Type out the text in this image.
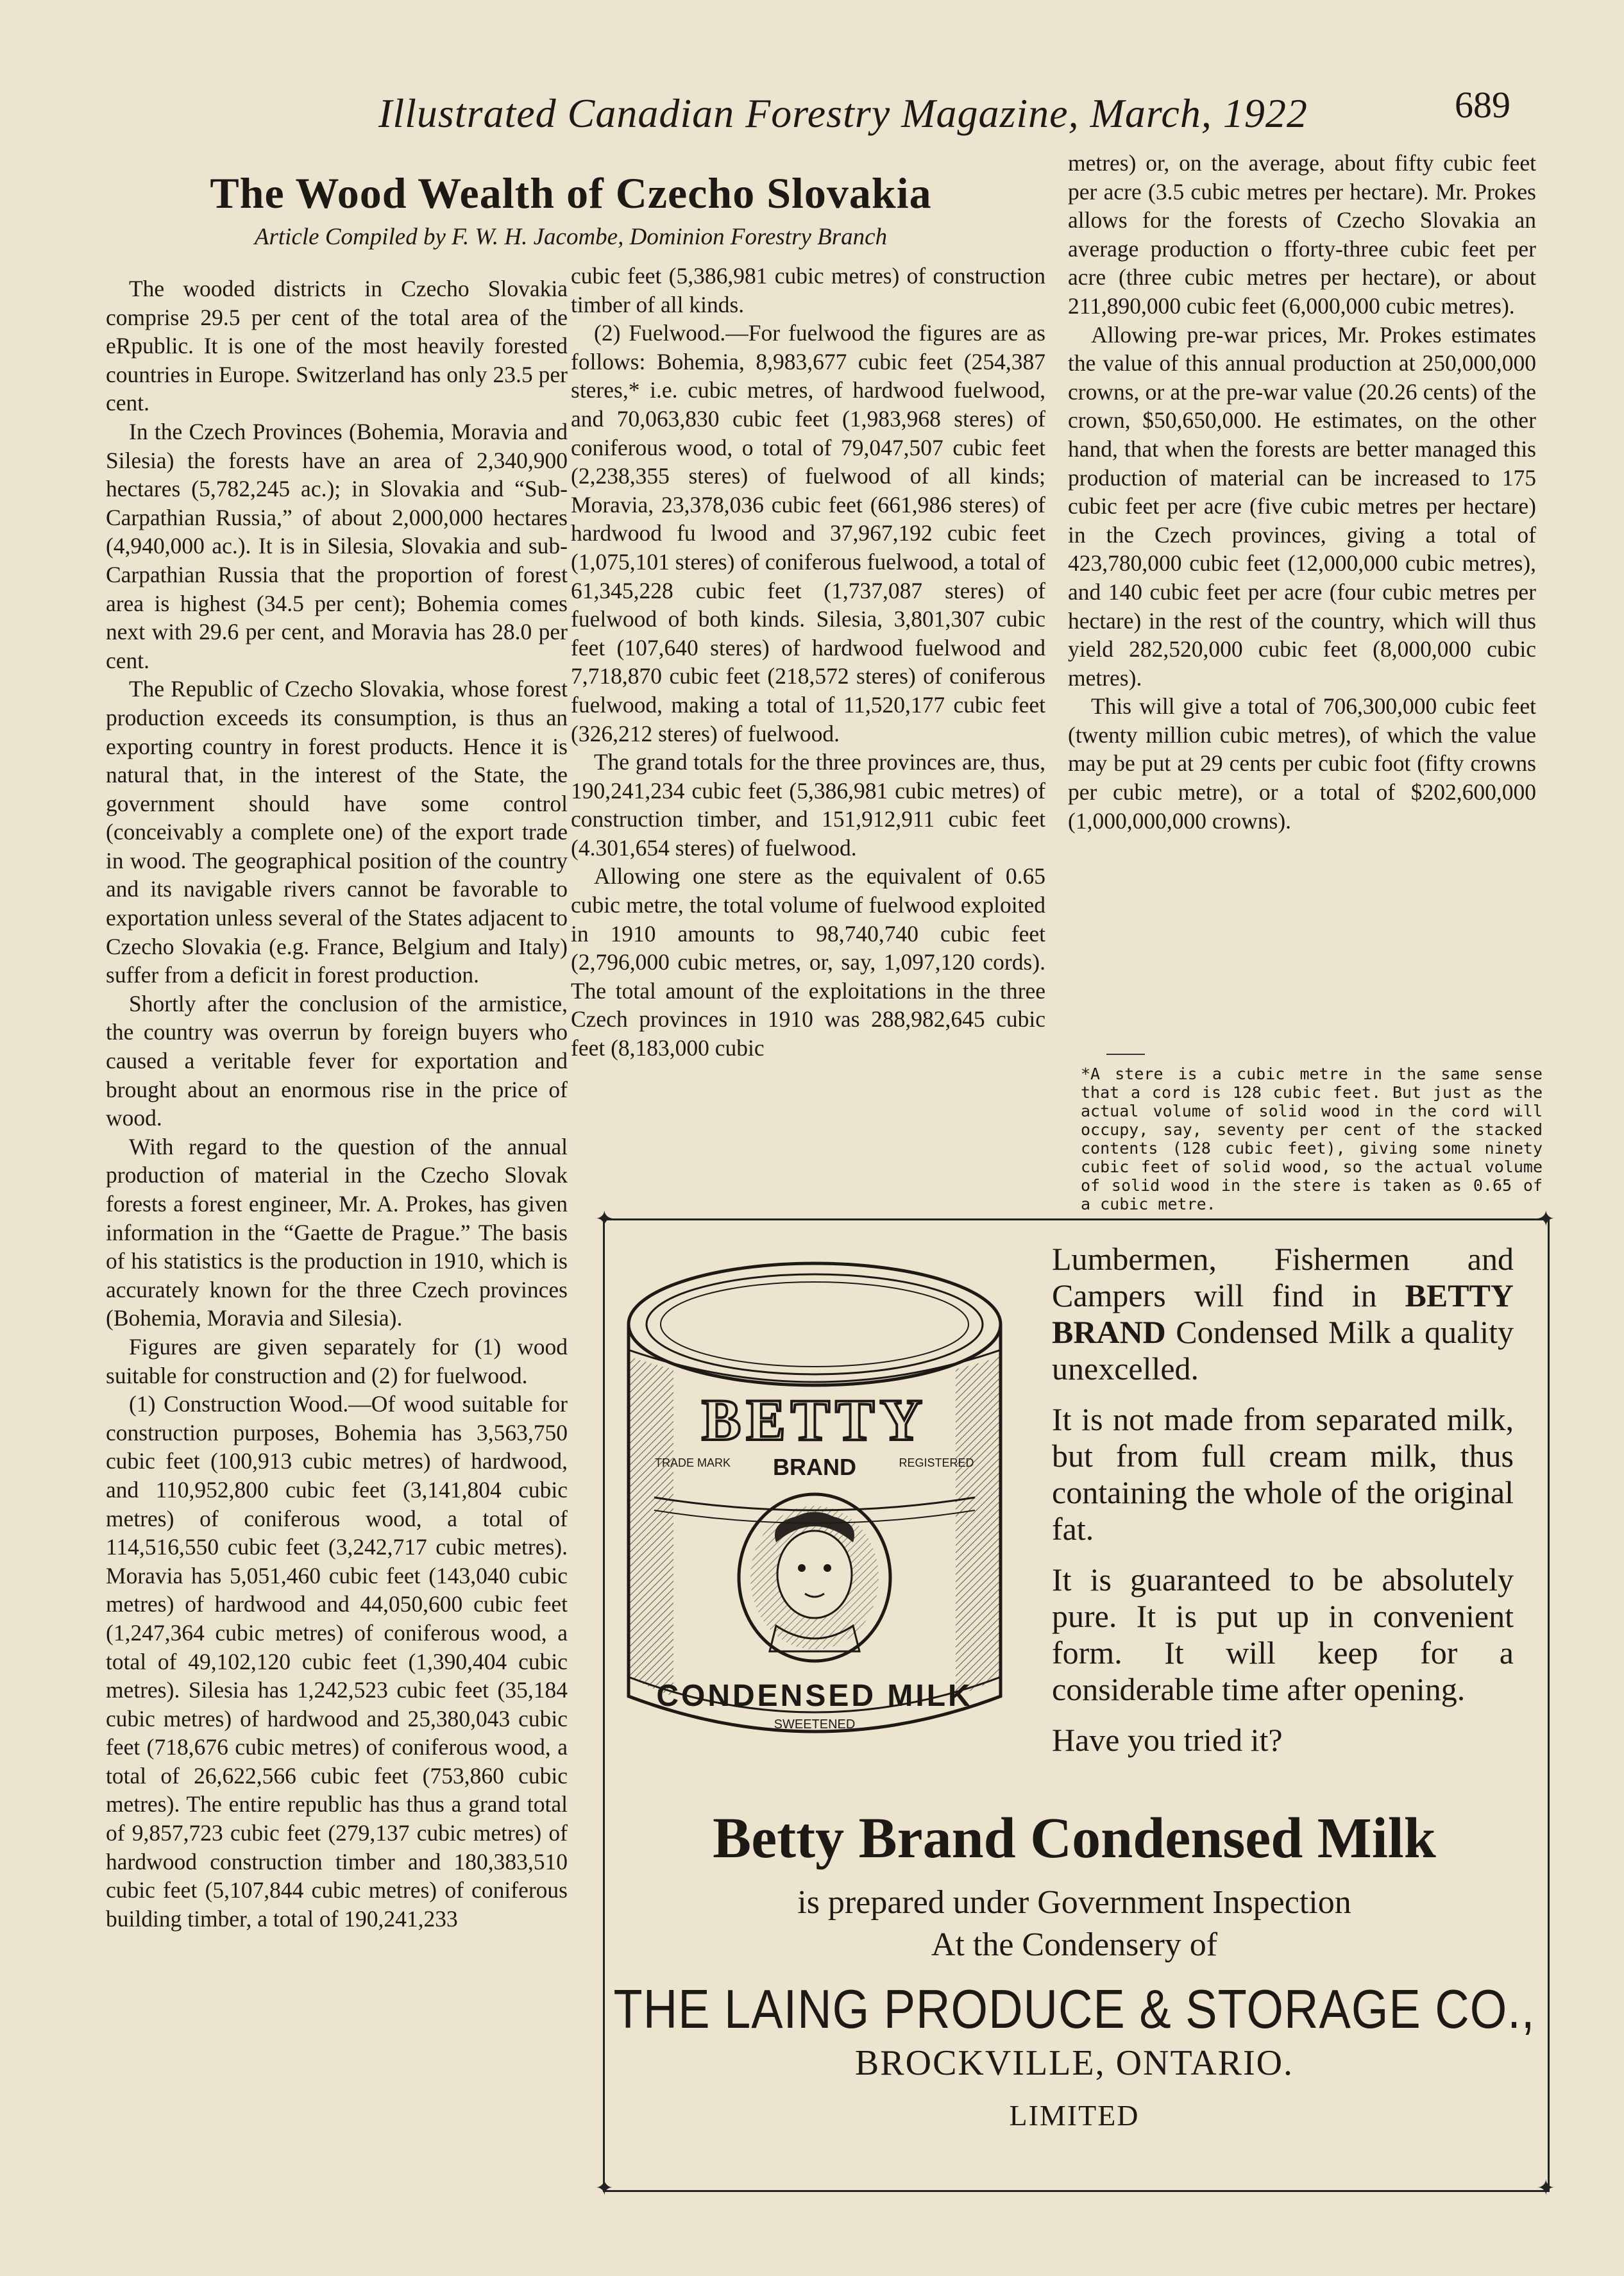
Illustrated Canadian Forestry Magazine, March, 1922	689
The Wood Wealth of Czecho Slovakia
Article Compiled by F. W. H. Jacombe, Dominion Forestry Branch

The wooded districts in Czecho Slovakia comprise 29.5 per cent of the total area of the eRpublic. It is one of the most heavily forested countries in Europe. Switzerland has only 23.5 per cent.

In the Czech Provinces (Bohemia, Moravia and Silesia) the forests have an area of 2,340,900 hectares (5,782,245 ac.); in Slovakia and “Sub-Carpathian Russia,” of about 2,000,000 hectares (4,940,000 ac.). It is in Silesia, Slovakia and sub-Carpathian Russia that the proportion of forest area is highest (34.5 per cent); Bohemia comes next with 29.6 per cent, and Moravia has 28.0 per cent.

The Republic of Czecho Slovakia, whose forest production exceeds its consumption, is thus an exporting country in forest products. Hence it is natural that, in the interest of the State, the government should have some control (conceivably a complete one) of the export trade in wood. The geographical position of the country and its navigable rivers cannot be favorable to exportation unless several of the States adjacent to Czecho Slovakia (e.g. France, Belgium and Italy) suffer from a deficit in forest production.

Shortly after the conclusion of the armistice, the country was overrun by foreign buyers who caused a veritable fever for exportation and brought about an enormous rise in the price of wood.

With regard to the question of the annual production of material in the Czecho Slovak forests a forest engineer, Mr. A. Prokes, has given information in the “Gaette de Prague.” The basis of his statistics is the production in 1910, which is accurately known for the three Czech provinces (Bohemia, Moravia and Silesia).

Figures are given separately for (1) wood suitable for construction and (2) for fuelwood.

(1) Construction Wood.—Of wood suitable for construction purposes, Bohemia has 3,563,750 cubic feet (100,913 cubic metres) of hardwood, and 110,952,800 cubic feet (3,141,804 cubic metres) of coniferous wood, a total of 114,516,550 cubic feet (3,242,717 cubic metres). Moravia has 5,051,460 cubic feet (143,040 cubic metres) of hardwood and 44,050,600 cubic feet (1,247,364 cubic metres) of coniferous wood, a total of 49,102,120 cubic feet (1,390,404 cubic metres). Silesia has 1,242,523 cubic feet (35,184 cubic metres) of hardwood and 25,380,043 cubic feet (718,676 cubic metres) of coniferous wood, a total of 26,622,566 cubic feet (753,860 cubic metres). The entire republic has thus a grand total of 9,857,723 cubic feet (279,137 cubic metres) of hardwood construction timber and 180,383,510 cubic feet (5,107,844 cubic metres) of coniferous building timber, a total of 190,241,233

cubic feet (5,386,981 cubic metres) of construction timber of all kinds.

(2) Fuelwood.—For fuelwood the figures are as follows: Bohemia, 8,983,677 cubic feet (254,387 steres,* i.e. cubic metres, of hardwood fuelwood, and 70,063,830 cubic feet (1,983,968 steres) of coniferous wood, o total of 79,047,507 cubic feet (2,238,355 steres) of fuelwood of all kinds; Moravia, 23,378,036 cubic feet (661,986 steres) of hardwood fu lwood and 37,967,192 cubic feet (1,075,101 steres) of coniferous fuelwood, a total of 61,345,228 cubic feet (1,737,087 steres) of fuelwood of both kinds. Silesia, 3,801,307 cubic feet (107,640 steres) of hardwood fuelwood and 7,718,870 cubic feet (218,572 steres) of coniferous fuelwood, making a total of 11,520,177 cubic feet (326,212 steres) of fuelwood.

The grand totals for the three provinces are, thus, 190,241,234 cubic feet (5,386,981 cubic metres) of construction timber, and 151,912,911 cubic feet (4.301,654 steres) of fuelwood.

Allowing one stere as the equivalent of 0.65 cubic metre, the total volume of fuelwood exploited in 1910 amounts to 98,740,740 cubic feet (2,796,000 cubic metres, or, say, 1,097,120 cords). The total amount of the exploitations in the three Czech provinces in 1910 was 288,982,645 cubic feet (8,183,000 cubic

metres) or, on the average, about fifty cubic feet per acre (3.5 cubic metres per hectare). Mr. Prokes allows for the forests of Czecho Slovakia an average production o fforty-three cubic feet per acre (three cubic metres per hectare), or about 211,890,000 cubic feet (6,000,000 cubic metres).

Allowing pre-war prices, Mr. Prokes estimates the value of this annual production at 250,000,000 crowns, or at the pre-war value (20.26 cents) of the crown, $50,650,000. He estimates, on the other hand, that when the forests are better managed this production of material can be increased to 175 cubic feet per acre (five cubic metres per hectare) in the Czech provinces, giving a total of 423,780,000 cubic feet (12,000,000 cubic metres), and 140 cubic feet per acre (four cubic metres per hectare) in the rest of the country, which will thus yield 282,520,000 cubic feet (8,000,000 cubic metres).

This will give a total of 706,300,000 cubic feet (twenty million cubic metres), of which the value may be put at 29 cents per cubic foot (fifty crowns per cubic metre), or a total of $202,600,000 (1,000,000,000 crowns).

*A stere is a cubic metre in the same sense that a cord is 128 cubic feet. But just as the actual volume of solid wood in the cord will occupy, say, seventy per cent of the stacked contents (128 cubic feet), giving some ninety cubic feet of solid wood, so the actual volume of solid wood in the stere is taken as 0.65 of a cubic metre.
✦	✦
✦	✦
BETTY
TRADE MARK BRAND	REGISTERED
CONDENSED MILK
SWEETENED

Lumbermen, Fishermen and Campers will find in BETTY BRAND Condensed Milk a quality unexcelled.

It is not made from separated milk, but from full cream milk, thus containing the whole of the original fat.

It is guaranteed to be absolutely pure. It is put up in convenient form. It will keep for a considerable time after opening.

Have you tried it?

Betty Brand Condensed Milk
is prepared under Government Inspection
At the Condensery of
THE LAING PRODUCE & STORAGE CO.,
BROCKVILLE, ONTARIO.
LIMITED
